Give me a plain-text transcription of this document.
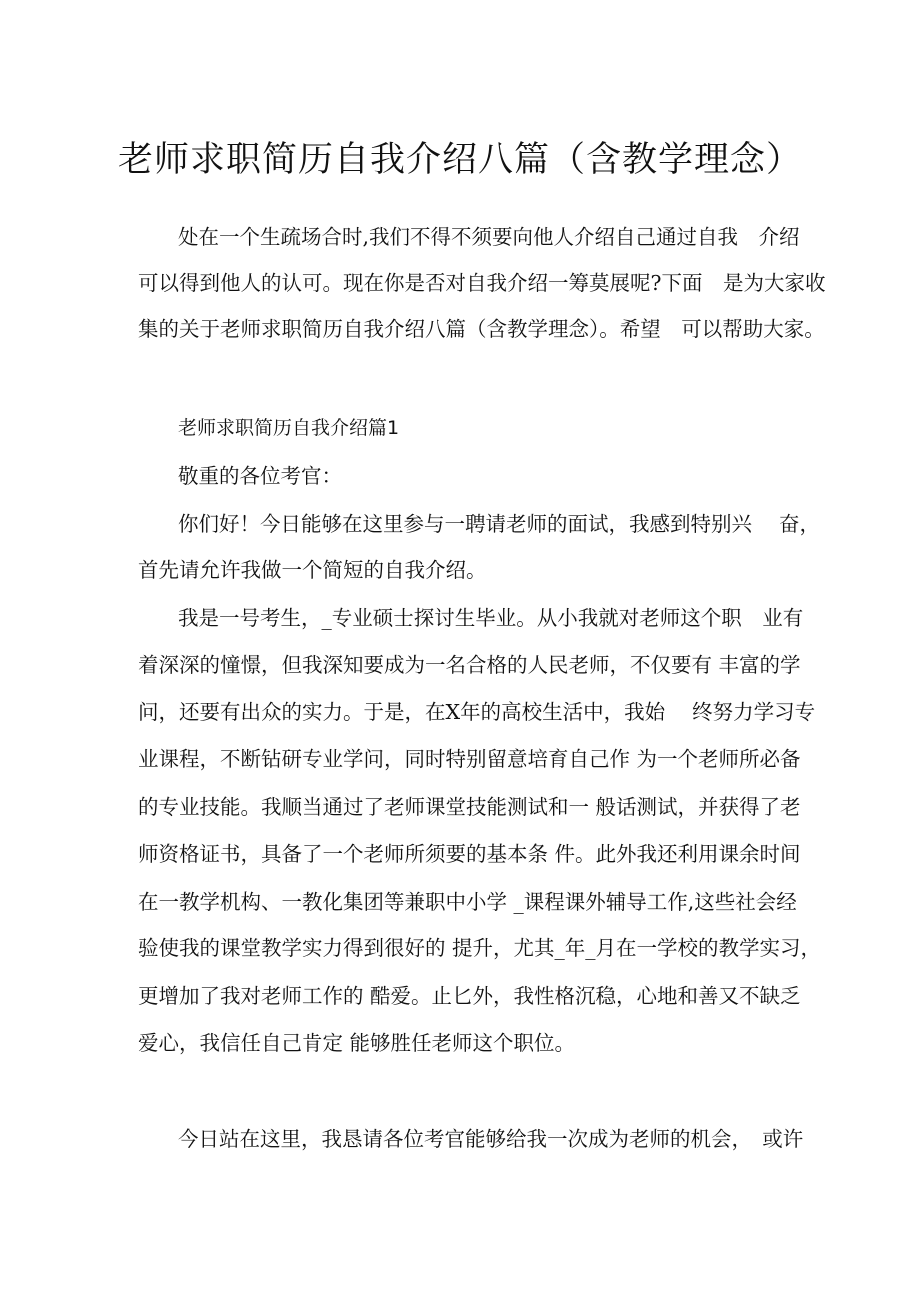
老师求职简历自我介绍八篇（含教学理念）
处在一个生疏场合时,我们不得不须要向他人介绍自己通过自我　介绍
可以得到他人的认可。现在你是否对自我介绍一筹莫展呢?下面　是为大家收
集的关于老师求职简历自我介绍八篇（含教学理念）。希望　可以帮助大家。
老师求职简历自我介绍篇1
敬重的各位考官：
你们好！今日能够在这里参与一聘请老师的面试，我感到特别兴　 奋，
首先请允许我做一个简短的自我介绍。
我是一号考生，_专业硕士探讨生毕业。从小我就对老师这个职　业有
着深深的憧憬，但我深知要成为一名合格的人民老师，不仅要有 丰富的学
问，还要有出众的实力。于是，在X年的高校生活中，我始　 终努力学习专
业课程，不断钻研专业学问，同时特别留意培育自己作 为一个老师所必备
的专业技能。我顺当通过了老师课堂技能测试和一 般话测试，并获得了老
师资格证书，具备了一个老师所须要的基本条 件。此外我还利用课余时间
在一教学机构、一教化集团等兼职中小学 _课程课外辅导工作,这些社会经
验使我的课堂教学实力得到很好的 提升，尤其_年_月在一学校的教学实习，
更增加了我对老师工作的 酷爱。止匕外，我性格沉稳，心地和善又不缺乏
爱心，我信任自己肯定 能够胜任老师这个职位。
今日站在这里，我恳请各位考官能够给我一次成为老师的机会，　或许
